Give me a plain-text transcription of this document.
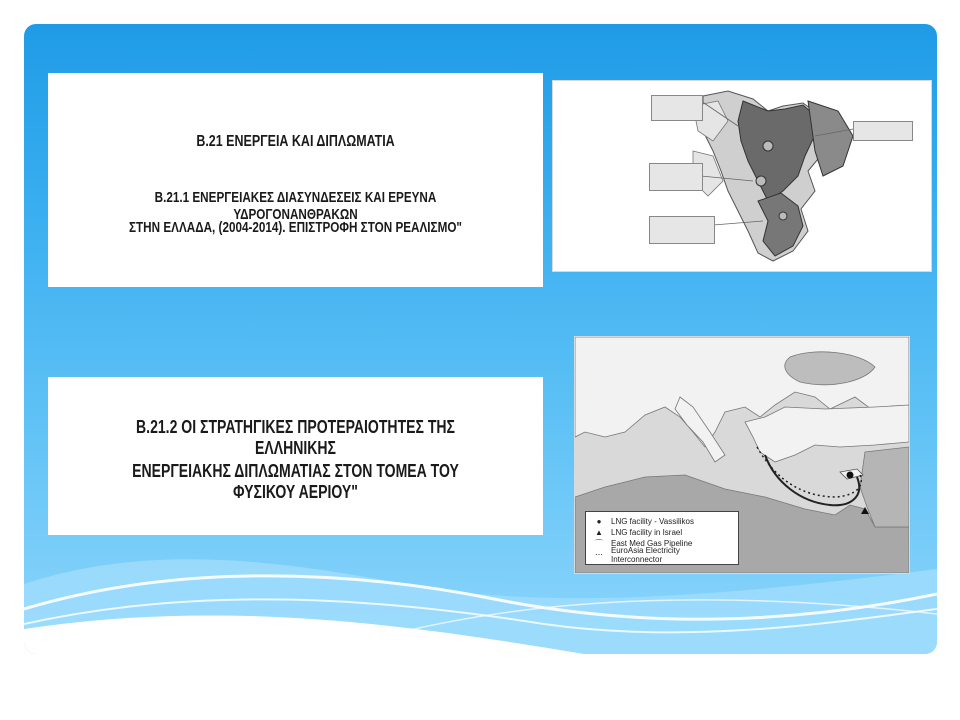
Β.21 ΕΝΕΡΓΕΙΑ ΚΑΙ ΔΙΠΛΩΜΑΤΙΑ
Β.21.1 ΕΝΕΡΓΕΙΑΚΕΣ ΔΙΑΣΥΝΔΕΣΕΙΣ ΚΑΙ ΕΡΕΥΝΑ ΥΔΡΟΓΟΝΑΝΘΡΑΚΩΝ
ΣΤΗΝ ΕΛΛΑΔΑ, (2004-2014). ΕΠΙΣΤΡΟΦΗ ΣΤΟΝ ΡΕΑΛΙΣΜΟ"
Β.21.2 ΟΙ ΣΤΡΑΤΗΓΙΚΕΣ ΠΡΟΤΕΡΑΙΟΤΗΤΕΣ ΤΗΣ ΕΛΛΗΝΙΚΗΣ
ΕΝΕΡΓΕΙΑΚΗΣ ΔΙΠΛΩΜΑΤΙΑΣ ΣΤΟΝ ΤΟΜΕΑ ΤΟΥ ΦΥΣΙΚΟΥ ΑΕΡΙΟΥ"
●	LNG facility - Vassilikos
▲	LNG facility in Israel
⌒	East Med Gas Pipeline
⋯ EuroAsia Electricity Interconnector
